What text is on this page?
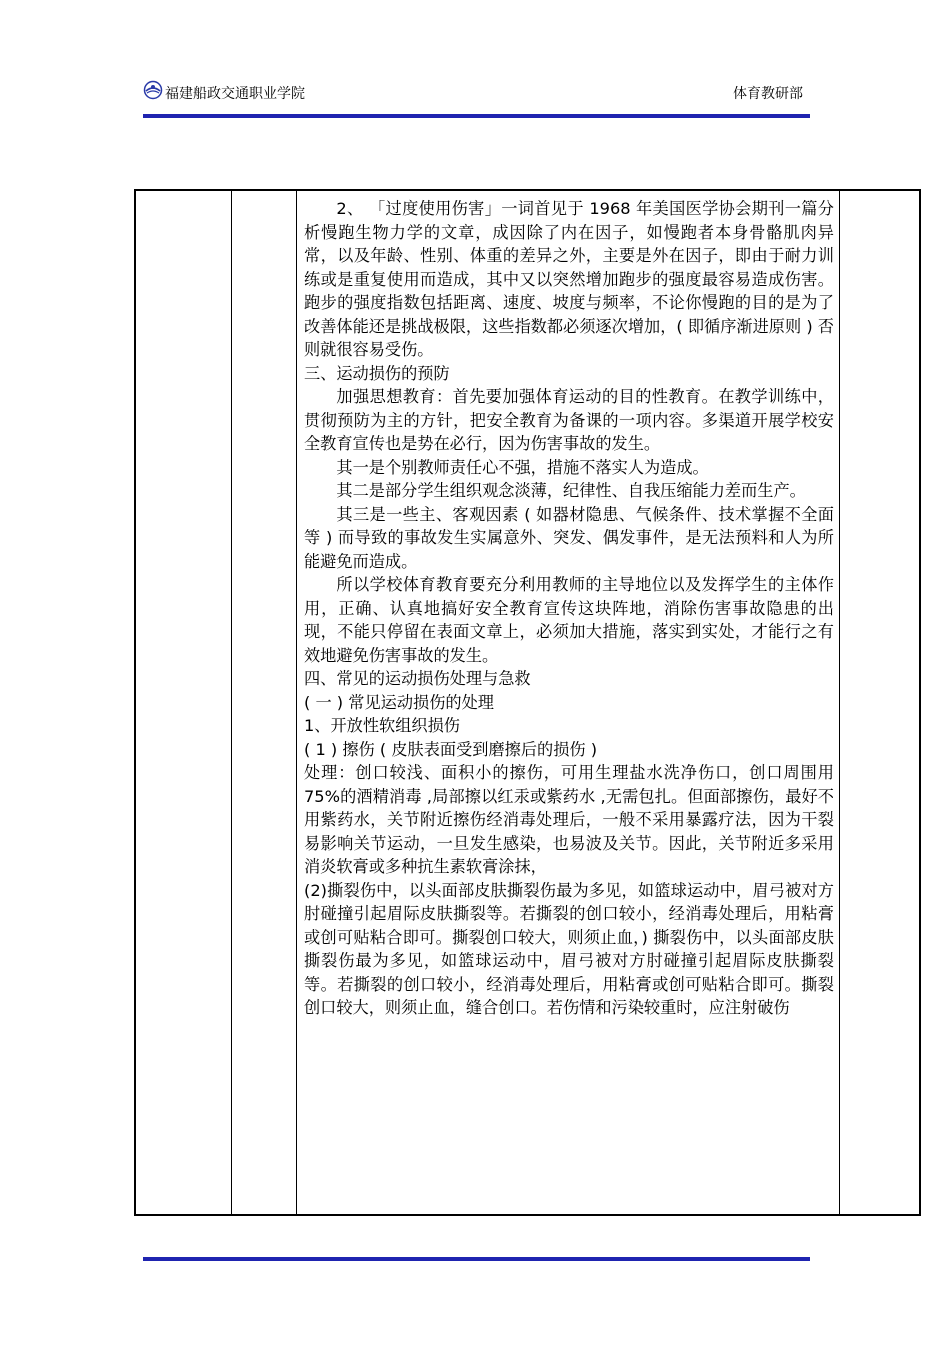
福建船政交通职业学院	体育教研部

2、 「过度使用伤害」一词首见于 1968 年美国医学协会期刊一篇分析慢跑生物力学的文章，成因除了内在因子，如慢跑者本身骨骼肌肉异常，以及年龄、性别、体重的差异之外，主要是外在因子，即由于耐力训练或是重复使用而造成，其中又以突然增加跑步的强度最容易造成伤害。跑步的强度指数包括距离、速度、坡度与频率，不论你慢跑的目的是为了改善体能还是挑战极限，这些指数都必须逐次增加，( 即循序渐进原则 ) 否则就很容易受伤。

三、运动损伤的预防

加强思想教育：首先要加强体育运动的目的性教育。在教学训练中，贯彻预防为主的方针，把安全教育为备课的一项内容。多渠道开展学校安全教育宣传也是势在必行，因为伤害事故的发生。

其一是个别教师责任心不强，措施不落实人为造成。

其二是部分学生组织观念淡薄，纪律性、自我压缩能力差而生产。

其三是一些主、客观因素 ( 如器材隐患、气候条件、技术掌握不全面等 ) 而导致的事故发生实属意外、突发、偶发事件，是无法预料和人为所能避免而造成。

所以学校体育教育要充分利用教师的主导地位以及发挥学生的主体作用，正确、认真地搞好安全教育宣传这块阵地，消除伤害事故隐患的出现，不能只停留在表面文章上，必须加大措施，落实到实处，才能行之有效地避免伤害事故的发生。

四、常见的运动损伤处理与急救

( 一 ) 常见运动损伤的处理

1、开放性软组织损伤

( 1 ) 擦伤 ( 皮肤表面受到磨擦后的损伤 )

处理：创口较浅、面积小的擦伤，可用生理盐水洗净伤口，创口周围用 75%的酒精消毒 ,局部擦以红汞或紫药水 ,无需包扎。但面部擦伤，最好不用紫药水，关节附近擦伤经消毒处理后，一般不采用暴露疗法，因为干裂易影响关节运动，一旦发生感染，也易波及关节。因此，关节附近多采用消炎软膏或多种抗生素软膏涂抹，

(2)撕裂伤中，以头面部皮肤撕裂伤最为多见，如篮球运动中，眉弓被对方肘碰撞引起眉际皮肤撕裂等。若撕裂的创口较小，经消毒处理后，用粘膏或创可贴粘合即可。撕裂创口较大，则须止血，) 撕裂伤中，以头面部皮肤撕裂伤最为多见，如篮球运动中，眉弓被对方肘碰撞引起眉际皮肤撕裂等。若撕裂的创口较小，经消毒处理后，用粘膏或创可贴粘合即可。撕裂创口较大，则须止血，缝合创口。若伤情和污染较重时，应注射破伤
